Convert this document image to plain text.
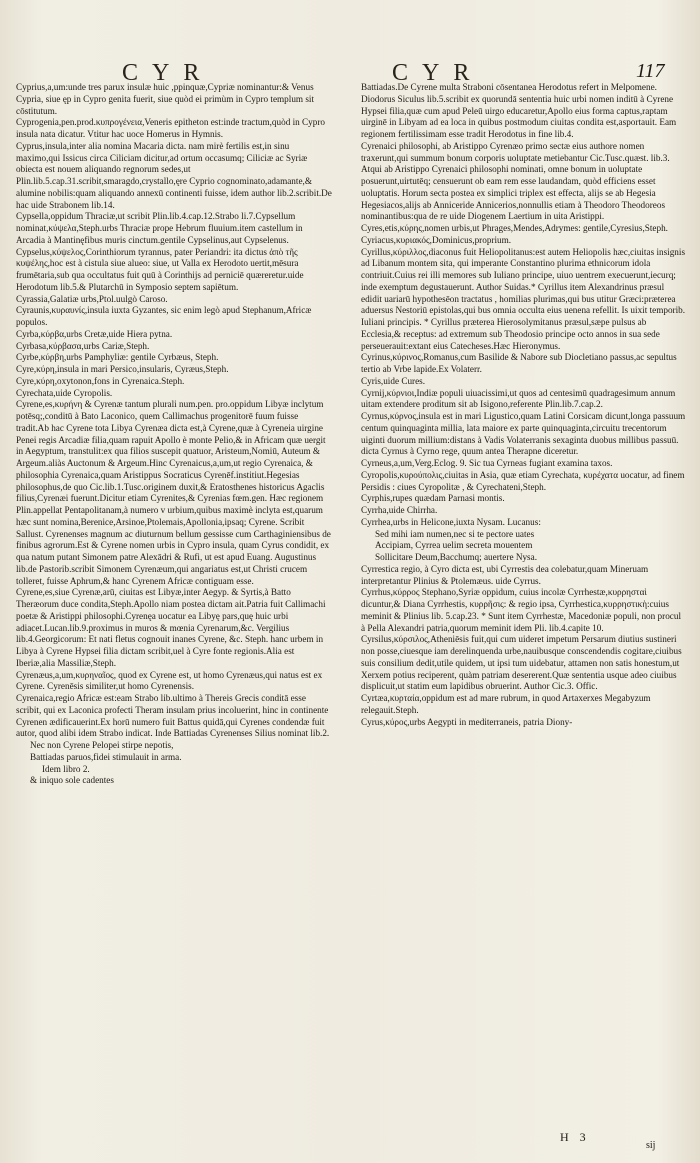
CYR	CYR	117

Cyprius,a,um:unde tres parux insulæ huic ,ppinquæ,Cypriæ nominantur:& Venus Cypria, siue ęp in Cypro genita fuerit, siue quòd ei primùm in Cypro templum sit cōstitutum.

Cyprogenia,pen.prod.κυπρογένεια,Veneris epitheton est:inde tractum,quòd in Cypro insula nata dicatur. Vtitur hac uoce Homerus in Hymnis.

Cyprus,insula,inter alia nomina Macaria dicta. nam mirè fertilis est,in sinu maximo,qui Issicus circa Ciliciam dicitur,ad ortum occasumq; Ciliciæ ac Syriæ obiecta est nouem aliquando regnorum sedes,ut Plin.lib.5.cap.31.scribit,smaragdo,crystallo,ęre Cyprio cognominato,adamante,& alumine nobilis:quam aliquando annexū continenti fuisse, idem author lib.2.scribit.De hac uide Strabonem lib.14.

Cypsella,oppidum Thraciæ,ut scribit Plin.lib.4.cap.12.Strabo li.7.Cypsellum nominat,κύψελα,Steph.urbs Thraciæ prope Hebrum fluuium.item castellum in Arcadia à Mantinęfibus muris cinctum.gentile Cypselinus,aut Cypselenus.

Cypselus,κύψελος,Corinthiorum tyrannus, pater Periandri: ita dictus ἀπὸ τῆς κυψέλης,hoc est à cistula siue alueo: siue, ut Valla ex Herodoto uertit,mēsura frumētaria,sub qua occultatus fuit quū à Corinthijs ad perniciē quæreretur.uide Herodotum lib.5.& Plutarchū in Symposio septem sapiētum.

Cyrassia,Galatiæ urbs,Ptol.uulgò Caroso.

Cyraunis,κυραυνίς,insula iuxta Gyzantes, sic enim legò apud Stephanum,Africæ populos.

Cyrba,κύρβα,urbs Cretæ,uide Hiera pytna.

Cyrbasa,κύρβασα,urbs Cariæ,Steph.

Cyrbe,κύρβη,urbs Pamphyliæ: gentile Cyrbæus, Steph.

Cyre,κύρη,insula in mari Persico,insularis, Cyræus,Steph.

Cyre,κύρη,oxytonon,fons in Cyrenaica.Steph.

Cyrechata,uide Cyropolis.

Cyrene,es,κυρήνη & Cyrenæ tantum plurali num.pen. pro.oppidum Libyæ inclytum potēsq;,conditū à Bato Laconico, quem Callimachus progenitorē fuum fuisse tradit.Ab hac Cyrene tota Libya Cyrenæa dicta est,à Cyrene,quæ à Cyreneia uirgine Penei regis Arcadiæ filia,quam rapuit Apollo è monte Pelio,& in Africam quæ uergit in Aegyptum, transtulit:ex qua filios suscepit quatuor, Aristeum,Nomiū, Auteum & Argeum.aliàs Auctonum & Argeum.Hinc Cyrenaicus,a,um,ut regio Cyrenaica, & philosophia Cyrenaica,quam Aristippus Socraticus Cyrenēf.institiut.Hegesias philosophus,de quo Cic.lib.1.Tusc.originem duxit,& Eratosthenes historicus Agaclis filius,Cyrenæi fuerunt.Dicitur etiam Cyrenites,& Cyrenias fœm.gen. Hæc regionem Plin.appellat Pentapolitanam,à numero v urbium,quibus maximè inclyta est,quarum hæc sunt nomina,Berenice,Arsinoe,Ptolemais,Apollonia,ipsaq; Cyrene. Scribit Sallust. Cyrenenses magnum ac diuturnum bellum gessisse cum Carthaginiensibus de finibus agrorum.Est & Cyrene nomen urbis in Cypro insula, quam Cyrus condidit, ex qua natum putant Simonem patre Alexādri & Rufi, ut est apud Euang. Augustinus lib.de Pastorib.scribit Simonem Cyrenæum,qui angariatus est,ut Christi crucem tolleret, fuisse Aphrum,& hanc Cyrenem Africæ contiguam esse.

Cyrene,es,siue Cyrenæ,arū, ciuitas est Libyæ,inter Aegyp. & Syrtis,à Batto Theræorum duce condita,Steph.Apollo niam postea dictam ait.Patria fuit Callimachi poetæ & Aristippi philosophi.Cyrenęa uocatur ea Libyę pars,quę huic urbi adiacet.Lucan.lib.9.proximus in muros & mœnia Cyrenarum,&c. Vergilius lib.4.Georgicorum: Et nati fletus cognouit inanes Cyrene, &c. Steph. hanc urbem in Libya à Cyrene Hypsei filia dictam scribit,uel à Cyre fonte regionis.Alia est Iberiæ,alia Massiliæ,Steph.

Cyrenæus,a,um,κυρηναῖος, quod ex Cyrene est, ut homo Cyrenæus,qui natus est ex Cyrene. Cyrenēsis similiter,ut homo Cyrenensis.

Cyrenaica,regio Africæ est:eam Strabo lib.ultimo à Thereis Grecis conditā esse scribit, qui ex Laconica profecti Theram insulam prius incoluerint, hinc in continente Cyrenen ædificauerint.Ex horū numero fuit Battus quidā,qui Cyrenes condendæ fuit autor, quod alibi idem Strabo indicat. Inde Battiadas Cyrenenses Silius nominat lib.2.

Nec non Cyrene Pelopei stirpe nepotis,

Battiadas paruos,fidei stimulauit in arma.

Idem libro 2.

& iniquo sole cadentes

Battiadas.De Cyrene multa Straboni cōsentanea Herodotus refert in Melpomene. Diodorus Siculus lib.5.scribit ex quorundā sententia huic urbi nomen inditū à Cyrene Hypsei filia,quæ cum apud Peleū uirgo educaretur,Apollo eius forma captus,raptam uirginē in Libyam ad ea loca in quibus postmodum ciuitas condita est,asportauit. Eam regionem fertilissimam esse tradit Herodotus in fine lib.4.

Cyrenaici philosophi, ab Aristippo Cyrenæo primo sectæ eius authore nomen traxerunt,qui summum bonum corporis uoluptate metiebantur Cic.Tusc.quæst. lib.3. Atqui ab Aristippo Cyrenaici philosophi nominati, omne bonum in uoluptate posuerunt,uirtutēq; censuerunt ob eam rem esse laudandam, quòd efficiens esset uoluptatis. Horum secta postea ex simplici triplex est effecta, alijs se ab Hegesia Hegesiacos,alijs ab Anniceride Annicerios,nonnullis etiam à Theodoro Theodoreos nominantibus:qua de re uide Diogenem Laertium in uita Aristippi.

Cyres,etis,κύρης,nomen urbis,ut Phrages,Mendes,Adrymes: gentile,Cyresius,Steph.

Cyriacus,κυριακός,Dominicus,proprium.

Cyrillus,κύριλλος,diaconus fuit Heliopolitanus:est autem Heliopolis hæc,ciuitas insignis ad Libanum montem sita, qui imperante Constantino plurima ethnicorum idola contriuit.Cuius rei illi memores sub Iuliano principe, uiuo uentrem execuerunt,iecurq; inde exemptum degustauerunt. Author Suidas.* Cyrillus item Alexandrinus præsul edidit uariarū hypothesēon tractatus , homilias plurimas,qui bus utitur Græci:præterea aduersus Nestoriū epistolas,qui bus omnia occulta eius uenena refellit. Is uixit temporib. Iuliani principis. * Cyrillus præterea Hierosolymitanus præsul,sæpe pulsus ab Ecclesia,& receptus: ad extremum sub Theodosio principe octo annos in sua sede perseuerauit:extant eius Catecheses.Hæc Hieronymus.

Cyrinus,κύρινος,Romanus,cum Basilide & Nabore sub Diocletiano passus,ac sepultus tertio ab Vrbe lapide.Ex Volaterr.

Cyris,uide Cures.

Cyrnij,κύρνιοι,Indiæ populi uiuacissimi,ut quos ad centesimū quadragesimum annum uitam extendere proditum sit ab Isigono,referente Plin.lib.7.cap.2.

Cyrnus,κύρνος,insula est in mari Ligustico,quam Latini Corsicam dicunt,longa passuum centum quinquaginta millia, lata maiore ex parte quinquaginta,circuitu trecentorum uiginti duorum millium:distans à Vadis Volaterranis sexaginta duobus millibus passuū. dicta Cyrnus à Cyrno rege, quum antea Therapne diceretur.

Cyrneus,a,um,Verg.Eclog. 9. Sic tua Cyrneas fugiant examina taxos.

Cyropolis,κυρούπολις,ciuitas in Asia, quæ etiam Cyrechata, κυρέχατα uocatur, ad finem Persidis : ciues Cyropolitæ , & Cyrechateni,Steph.

Cyrphis,rupes quædam Parnasi montis.

Cyrrha,uide Chirrha.

Cyrrhea,urbs in Helicone,iuxta Nysam. Lucanus:

Sed mihi iam numen,nec si te pectore uates

Accipiam, Cyrrea uelim secreta mouentem

Sollicitare Deum,Bacchumq; auertere Nysa.

Cyrrestica regio, à Cyro dicta est, ubi Cyrrestis dea colebatur,quam Mineruam interpretantur Plinius & Ptolemæus. uide Cyrrus.

Cyrrhus,κύρρος Stephano,Syriæ oppidum, cuius incolæ Cyrrhestæ,κυρρησταὶ dicuntur,& Diana Cyrrhestis, κυρρῆσις: & regio ipsa, Cyrrhestica,κυρρηστικὴ:cuius meminit & Plinius lib. 5.cap.23. * Sunt item Cyrrhestæ, Macedoniæ populi, non procul à Pella Alexandri patria,quorum meminit idem Pli. lib.4.capite 10.

Cyrsilus,κύρσιλος,Atheniēsis fuit,qui cum uideret impetum Persarum diutius sustineri non posse,ciuesque iam derelinquenda urbe,nauibusque conscendendis cogitare,ciuibus suis consilium dedit,utile quidem, ut ipsi tum uidebatur, attamen non satis honestum,ut Xerxem potius reciperent, quàm patriam desererent.Quæ sententia usque adeo ciuibus displicuit,ut statim eum lapidibus obruerint. Author Cic.3. Offic.

Cyrtæa,κυρταία,oppidum est ad mare rubrum, in quod Artaxerxes Megabyzum relegauit.Steph.

Cyrus,κύρος,urbs Aegypti in mediterraneis, patria Diony-

H 3
sij
